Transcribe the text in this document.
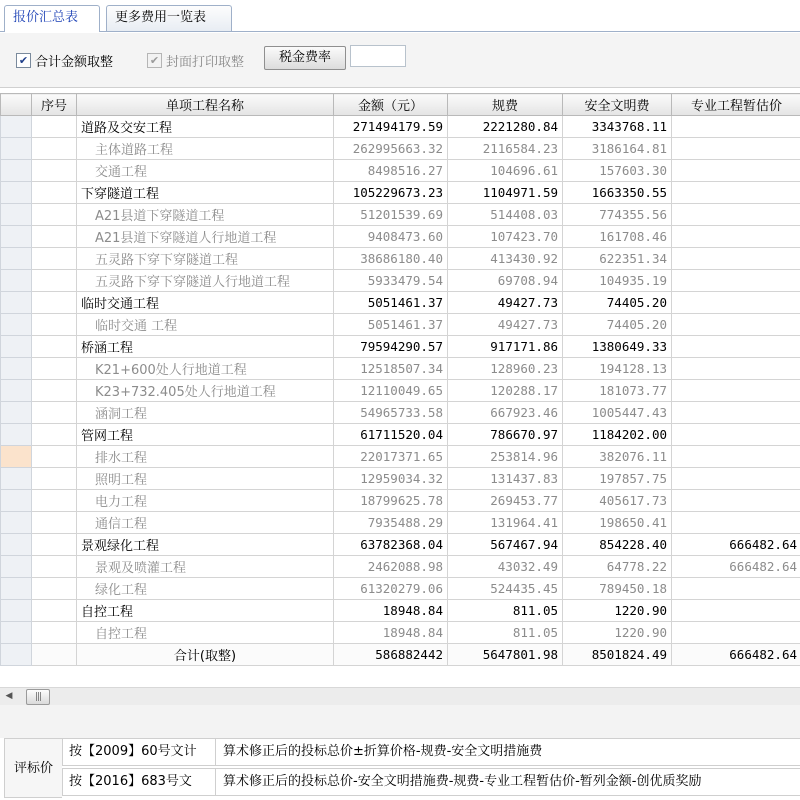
报价汇总表	更多费用一览表
✔ 合计金额取整	✔ 封面打印取整	税金费率
	序号	单项工程名称	金额（元）	规费	安全文明费	专业工程暂估价
		道路及交安工程	271494179.59	2221280.84	3343768.11	
		主体道路工程	262995663.32	2116584.23	3186164.81	
		交通工程	8498516.27	104696.61	157603.30	
		下穿隧道工程	105229673.23	1104971.59	1663350.55	
		A21县道下穿隧道工程	51201539.69	514408.03	774355.56	
		A21县道下穿隧道人行地道工程	9408473.60	107423.70	161708.46	
		五灵路下穿下穿隧道工程	38686180.40	413430.92	622351.34	
		五灵路下穿下穿隧道人行地道工程	5933479.54	69708.94	104935.19	
		临时交通工程	5051461.37	49427.73	74405.20	
		临时交通 工程	5051461.37	49427.73	74405.20	
		桥涵工程	79594290.57	917171.86	1380649.33	
		K21+600处人行地道工程	12518507.34	128960.23	194128.13	
		K23+732.405处人行地道工程	12110049.65	120288.17	181073.77	
		涵洞工程	54965733.58	667923.46	1005447.43	
		管网工程	61711520.04	786670.97	1184202.00	
		排水工程	22017371.65	253814.96	382076.11	
		照明工程	12959034.32	131437.83	197857.75	
		电力工程	18799625.78	269453.77	405617.73	
		通信工程	7935488.29	131964.41	198650.41	
		景观绿化工程	63782368.04	567467.94	854228.40	666482.64
		景观及喷灌工程	2462088.98	43032.49	64778.22	666482.64
		绿化工程	61320279.06	524435.45	789450.18	
		自控工程	18948.84	811.05	1220.90	
		自控工程	18948.84	811.05	1220.90	
		合计(取整)	586882442	5647801.98	8501824.49	666482.64
◀	|||
评标价
按【2009】60号文计	算术修正后的投标总价±折算价格-规费-安全文明措施费
按【2016】683号文	算术修正后的投标总价-安全文明措施费-规费-专业工程暂估价-暂列金额-创优质奖励
